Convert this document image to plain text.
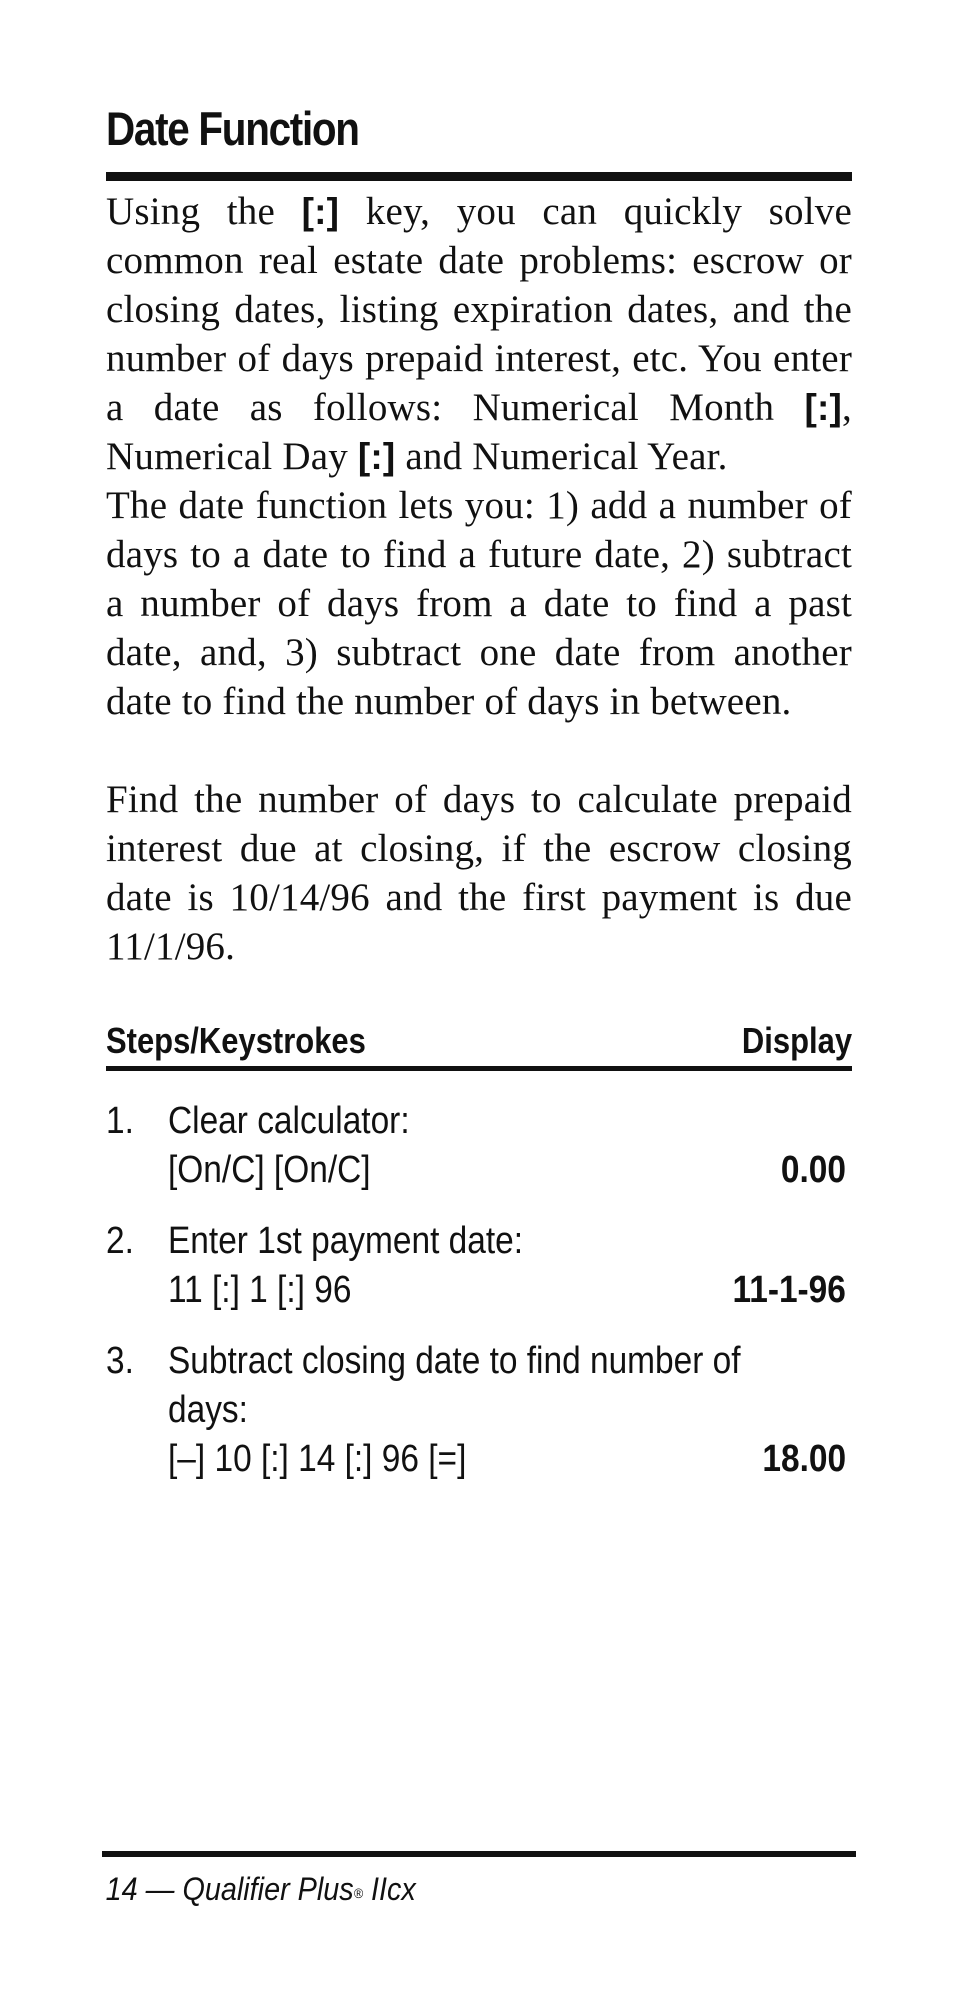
Date Function

Using the [:] key, you can quickly solve common real estate date problems: escrow or closing dates, listing expiration dates, and the number of days prepaid interest, etc. You enter a date as follows: Numerical Month [:], Numerical Day [:] and Numerical Year.

The date function lets you: 1) add a number of days to a date to find a future date, 2) subtract a number of days from a date to find a past date, and, 3) subtract one date from another date to find the number of days in between.

Find the number of days to calculate prepaid interest due at closing, if the escrow closing date is 10/14/96 and the first payment is due 11/1/96.

Steps/Keystrokes	Display
1. Clear calculator:
[On/C] [On/C]	0.00
2. Enter 1st payment date:
11 [:] 1 [:] 96	11-1-96
3. Subtract closing date to find number of
days:
[–] 10 [:] 14 [:] 96 [=]	18.00
14 — Qualifier Plus® IIcx
